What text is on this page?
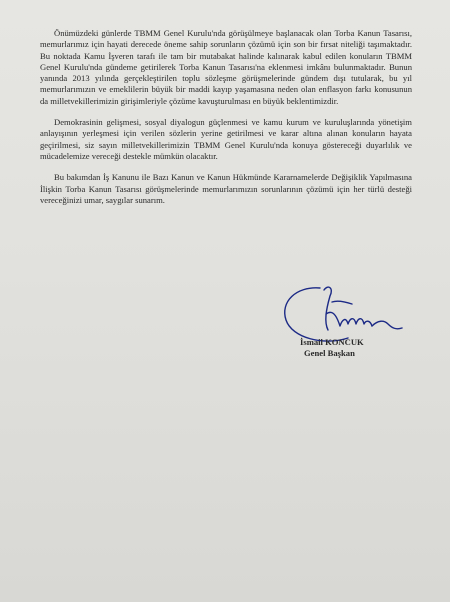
Önümüzdeki günlerde TBMM Genel Kurulu'nda görüşülmeye başlanacak olan Torba Kanun Tasarısı, memurlarımız için hayati derecede öneme sahip sorunların çözümü için son bir fırsat niteliği taşımaktadır. Bu noktada Kamu İşveren tarafı ile tam bir mutabakat halinde kalınarak kabul edilen konuların TBMM Genel Kurulu'nda gündeme getirilerek Torba Kanun Tasarısı'na eklenmesi imkânı bulunmaktadır. Bunun yanında 2013 yılında gerçekleştirilen toplu sözleşme görüşmelerinde gündem dışı tutularak, bu yıl memurlarımızın ve emeklilerin büyük bir maddi kayıp yaşamasına neden olan enflasyon farkı konusunun da milletvekillerimizin girişimleriyle çözüme kavuşturulması en büyük beklentimizdir.

Demokrasinin gelişmesi, sosyal diyalogun güçlenmesi ve kamu kurum ve kuruluşlarında yönetişim anlayışının yerleşmesi için verilen sözlerin yerine getirilmesi ve karar altına alınan konuların hayata geçirilmesi, siz sayın milletvekillerimizin TBMM Genel Kurulu'nda konuya göstereceği duyarlılık ve mücadelemize vereceği destekle mümkün olacaktır.

Bu bakımdan İş Kanunu ile Bazı Kanun ve Kanun Hükmünde Kararnamelerde Değişiklik Yapılmasına İlişkin Torba Kanun Tasarısı görüşmelerinde memurlarımızın sorunlarının çözümü için her türlü desteği vereceğinizi umar, saygılar sunarım.

İsmail KONCUK
Genel Başkan
